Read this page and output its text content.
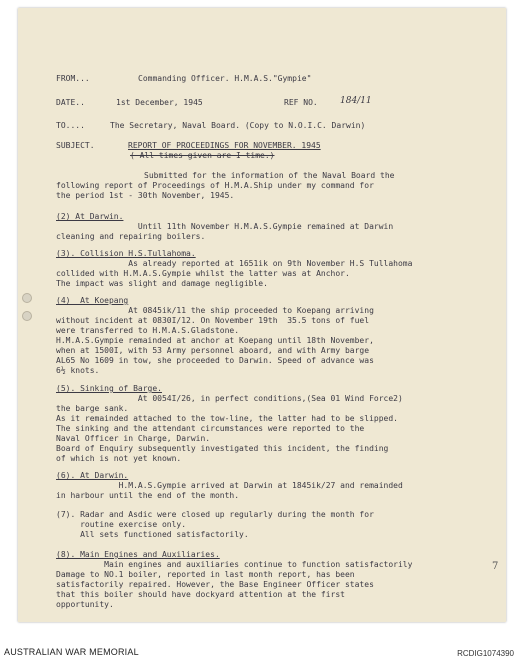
FROM...	Commanding Officer. H.M.A.S."Gympie"
DATE..	1st December, 1945	REF NO. 184/11
TO....	The Secretary, Naval Board. (Copy to N.O.I.C. Darwin)
SUBJECT.	REPORT OF PROCEEDINGS FOR NOVEMBER. 1945
( All times given are I time.)
Submitted for the information of the Naval Board the
following report of Proceedings of H.M.A.Ship under my command for
the period 1st - 30th November, 1945.
(2) At Darwin.
Until 11th November H.M.A.S.Gympie remained at Darwin
cleaning and repairing boilers.
(3). Collision H.S.Tullahoma.
As already reported at 1651ik on 9th November H.S Tullahoma
collided with H.M.A.S.Gympie whilst the latter was at Anchor.
The impact was slight and damage negligible.
(4)  At Koepang
At 0845ik/11 the ship proceeded to Koepang arriving
without incident at 0830I/12. On November 19th  35.5 tons of fuel
were transferred to H.M.A.S.Gladstone.
H.M.A.S.Gympie remainded at anchor at Koepang until 18th November,
when at 1500I, with 53 Army personnel aboard, and with Army barge
AL65 No 1609 in tow, she proceeded to Darwin. Speed of advance was
6½ knots.
(5). Sinking of Barge.
At 0054I/26, in perfect conditions,(Sea 01 Wind Force2)
the barge sank.
As it remainded attached to the tow-line, the latter had to be slipped.
The sinking and the attendant circumstances were reported to the
Naval Officer in Charge, Darwin.
Board of Enquiry subsequently investigated this incident, the finding
of which is not yet known.
(6). At Darwin.
H.M.A.S.Gympie arrived at Darwin at 1845ik/27 and remainded
in harbour until the end of the month.
(7). Radar and Asdic were closed up regularly during the month for
routine exercise only.
All sets functioned satisfactorily.
(8). Main Engines and Auxiliaries.
Main engines and auxiliaries continue to function satisfactorily
Damage to NO.1 boiler, reported in last month report, has been
satisfactorily repaired. However, the Base Engineer Officer states
that this boiler should have dockyard attention at the first
opportunity.
7
AUSTRALIAN WAR MEMORIAL	RCDIG1074390
